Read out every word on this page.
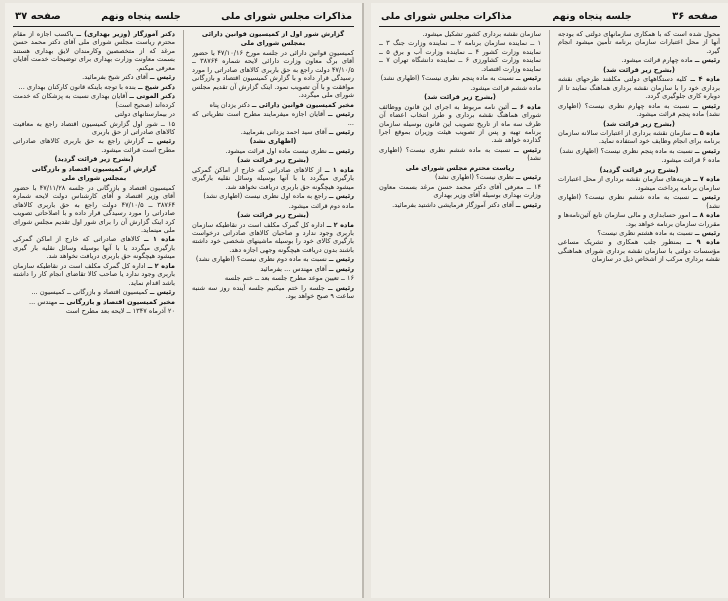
مذاکرات مجلس شورای ملی
جلسه پنجاه ونهم
صفحه ۳۷

گزارش شور اول از کمیسیون قوانین دارائی

بمجلس شورای ملی

کمیسیون قوانین دارائی در جلسه مورخ ۴۷/۱۰/۱۶ با حضور آقای برگ معاون وزارت دارائی لایحه شماره ۳۸۷۶۴ ــ ۴۷/۱۰/۵ دولت راجع به حق باربری کالاهای صادراتی را مورد رسیدگی قرار داده و با گزارش کمیسیون اقتصاد و بازرگانی موافقت و با آن تصویب نمود. اینک گزارش آن تقدیم مجلس شورای ملی میگردد.

مخبر کمیسیون قوانین دارائی ــ دکتر یزدان پناه

رئیس ــ آقایان اجازه میفرمایند مطرح است نظریاتی که ...

رئیس ــ آقای سید احمد یزدانی بفرمایید.

(اظهاری نشد)

رئیس ــ نظری نیست ماده اول قرائت میشود.

(بشرح زیر قرائت شد)

ماده ۱ ــ از کالاهای صادراتی که خارج از اماکن گمرکی بارگیری میگردد یا با آنها بوسیله وسائل نقلیه بارگیری میشود هیچگونه حق باربری دریافت نخواهد شد.

رئیس ــ راجع به ماده اول نظری نیست (اظهاری نشد)

ماده دوم قرائت میشود.

(بشرح زیر قرائت شد)

ماده ۲ ــ اداره کل گمرک مکلف است در نقاطیکه سازمان باربری وجود ندارد و صاحبان کالاهای صادراتی درخواست بارگیری کالای خود را بوسیله ماشینهای شخصی خود داشته باشند بدون دریافت هیچگونه وجهی اجازه دهد.

رئیس ــ نسبت به ماده دوم نظری نیست؟ (اظهاری نشد)

رئیس ــ آقای مهندس ... بفرمائید

۱۶ ــ تعیین موعد مطرح جلسه بعد ــ ختم جلسه

رئیس ــ جلسه را ختم میکنیم جلسه آینده روز سه شنبه ساعت ۹ صبح خواهد بود.

دکتر آموزگار (وزیر بهداری) ــ باکسب اجازه از مقام محترم ریاست مجلس شورای ملی آقای دکتر محمد حسن مرغد که از متخصصین وکارمندان لایق بهداری هستند بسمت معاونت وزارت بهداری برای توضیحات خدمت آقایان معرفی میکنم.

رئیس ــ آقای دکتر شیخ بفرمائید.

دکتر شیخ ــ بنده با توجه باینکه قانون کارکنان بهداری ...

دکتر الموتی ــ آقایان بهداری نسبت به پزشکان که خدمت کرده‌اند (صحیح است)

در بیمارستانهای دولتی

۱۵ ــ شور اول گزارش کمیسیون اقتصاد راجع به معافیت کالاهای صادراتی از حق باربری

رئیس ــ گزارش راجع به حق باربری کالاهای صادراتی مطرح است قرائت میشود.

(بشرح زیر قرائت گردید)

گزارش از کمیسیون اقتصاد و بازرگانی

بمجلس شورای ملی

کمیسیون اقتصاد و بازرگانی در جلسه ۴۷/۱۱/۲۸ با حضور آقای وزیر اقتصاد و آقای کارشناس دولت لایحه شماره ۳۸۷۶۴ ــ ۴۷/۱۰/۵ دولت راجع به حق باربری کالاهای صادراتی را مورد رسیدگی قرار داده و با اصلاحاتی تصویب کرد اینک گزارش آن را برای شور اول تقدیم مجلس شورای ملی مینماید.

ماده ۱ ــ کالاهای صادراتی که خارج از اماکن گمرکی بارگیری میگردد یا با آنها بوسیله وسائل نقلیه بار گیری میشود هیچگونه حق باربری دریافت نخواهد شد.

ماده ۲ ــ اداره کل گمرک مکلف است در نقاطیکه سازمان باربری وجود ندارد یا صاحب کالا تقاضای انجام کار را داشته باشد اقدام نماید.

رئیس ــ کمیسیون اقتصاد و بازرگانی ــ کمیسیون ...

مخبر کمیسیون اقتصاد و بازرگانی ــ مهندس ...

۲۰ آذرماه ۱۳۴۷ ــ لایحه بعد مطرح است

صفحه ۳۶
جلسه پنجاه ونهم
مذاکرات مجلس شورای ملی

محول شده است که با همکاری سازمانهای دولتی که بودجه آنها از محل اعتبارات سازمان برنامه تأمین میشود انجام گیرد.

رئیس ــ ماده چهارم قرائت میشود.

(بشرح زیر قرائت شد)

ماده ۴ ــ کلیه دستگاههای دولتی مکلفند طرحهای نقشه برداری خود را با سازمان نقشه برداری هماهنگ نمایند تا از دوباره کاری جلوگیری گردد.

رئیس ــ نسبت به ماده چهارم نظری نیست؟ (اظهاری نشد) ماده پنجم قرائت میشود.

(بشرح زیر قرائت شد)

ماده ۵ ــ سازمان نقشه برداری از اعتبارات سالانه سازمان برنامه برای انجام وظایف خود استفاده نماید.

رئیس ــ نسبت به ماده پنجم نظری نیست؟ (اظهاری نشد)

ماده ۶ قرائت میشود.

(بشرح زیر قرائت گردید)

ماده ۷ ــ هزینه‌های سازمان نقشه برداری از محل اعتبارات سازمان برنامه پرداخت میشود.

رئیس ــ نسبت به ماده ششم نظری نیست؟ (اظهاری نشد)

ماده ۸ ــ امور حسابداری و مالی سازمان تابع آئین‌نامه‌ها و مقررات سازمان برنامه خواهد بود.

رئیس ــ نسبت به ماده هشتم نظری نیست؟

ماده ۹ ــ بمنظور جلب همکاری و تشریک مساعی مؤسسات دولتی با سازمان نقشه برداری شورای هماهنگی نقشه برداری مرکب از اشخاص ذیل در سازمان

سازمان نقشه برداری کشور تشکیل میشود.

۱ ــ نماینده سازمان برنامه ۲ ــ نماینده وزارت جنگ ۳ ــ نماینده وزارت کشور ۴ ــ نماینده وزارت آب و برق ۵ ــ نماینده وزارت کشاورزی ۶ ــ نماینده دانشگاه تهران ۷ ــ نماینده وزارت اقتصاد.

رئیس ــ نسبت به ماده پنجم نظری نیست؟ (اظهاری نشد)

ماده ششم قرائت میشود.

(بشرح زیر قرائت شد)

ماده ۶ ــ آئین نامه مربوط به اجرای این قانون ووظائف شورای هماهنگ نقشه برداری و طرز انتخاب اعضاء آن ظرف سه ماه از تاریخ تصویب این قانون بوسیله سازمان برنامه تهیه و پس از تصویب هیئت وزیران بموقع اجرا گذارده خواهد شد.

رئیس ــ نسبت به ماده ششم نظری نیست؟ (اظهاری نشد)

ریاست محترم مجلس شورای ملی

رئیس ــ نظری نیست؟ (اظهاری نشد)

۱۴ ــ معرفی آقای دکتر محمد حسن مرغد بسمت معاون وزارت بهداری بوسیله آقای وزیر بهداری

رئیس ــ آقای دکتر آموزگار فرمایشی داشتید بفرمائید.
